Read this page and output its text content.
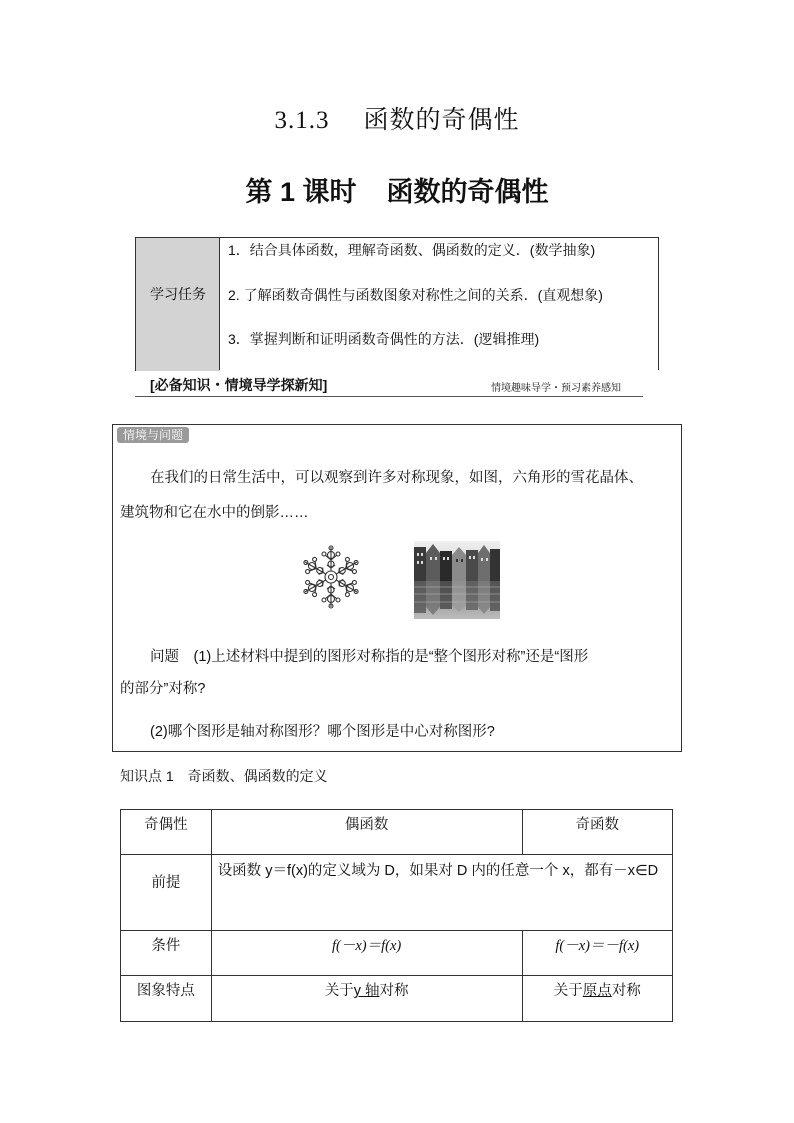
3.1.3 函数的奇偶性
第 1 课时 函数的奇偶性
学习任务
1．结合具体函数，理解奇函数、偶函数的定义．(数学抽象)
2. 了解函数奇偶性与函数图象对称性之间的关系．(直观想象)
3．掌握判断和证明函数奇偶性的方法．(逻辑推理)
[必备知识・情境导学探新知]	情境趣味导学・预习素养感知
情境与问题
在我们的日常生活中，可以观察到许多对称现象，如图，六角形的雪花晶体、
建筑物和它在水中的倒影……
问题　(1)上述材料中提到的图形对称指的是“整个图形对称”还是“图形
的部分”对称?
(2)哪个图形是轴对称图形？哪个图形是中心对称图形?
知识点 1　奇函数、偶函数的定义
奇偶性	偶函数	奇函数
前提	设函数 y＝f(x)的定义域为 D，如果对 D 内的任意一个 x，都有－x∈D	
条件	f(－x)＝f(x)	f(－x)＝－f(x)
图象特点	关于y 轴对称	关于原点对称
